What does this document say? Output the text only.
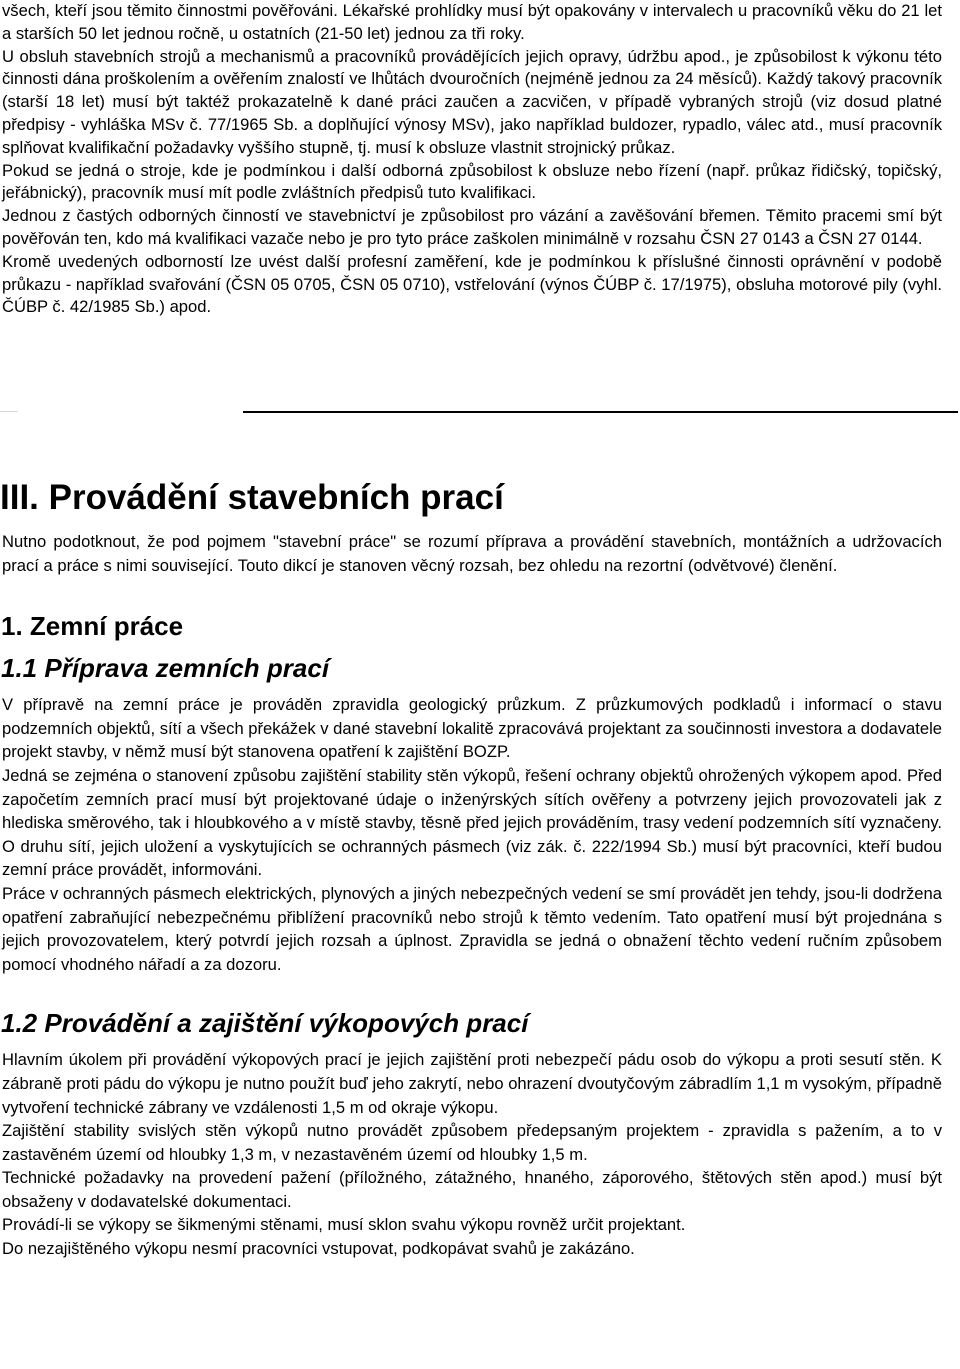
všech, kteří jsou těmito činnostmi pověřováni. Lékařské prohlídky musí být opakovány v intervalech u pracovníků věku do 21 let a starších 50 let jednou ročně, u ostatních (21-50 let) jednou za tři roky.

U obsluh stavebních strojů a mechanismů a pracovníků provádějících jejich opravy, údržbu apod., je způsobilost k výkonu této činnosti dána proškolením a ověřením znalostí ve lhůtách dvouročních (nejméně jednou za 24 měsíců). Každý takový pracovník (starší 18 let) musí být taktéž prokazatelně k dané práci zaučen a zacvičen, v případě vybraných strojů (viz dosud platné předpisy - vyhláška MSv č. 77/1965 Sb. a doplňující výnosy MSv), jako například buldozer, rypadlo, válec atd., musí pracovník splňovat kvalifikační požadavky vyššího stupně, tj. musí k obsluze vlastnit strojnický průkaz.

Pokud se jedná o stroje, kde je podmínkou i další odborná způsobilost k obsluze nebo řízení (např. průkaz řidičský, topičský, jeřábnický), pracovník musí mít podle zvláštních předpisů tuto kvalifikaci.

Jednou z častých odborných činností ve stavebnictví je způsobilost pro vázání a zavěšování břemen. Těmito pracemi smí být pověřován ten, kdo má kvalifikaci vazače nebo je pro tyto práce zaškolen minimálně v rozsahu ČSN 27 0143 a ČSN 27 0144.

Kromě uvedených odborností lze uvést další profesní zaměření, kde je podmínkou k příslušné činnosti oprávnění v podobě průkazu - například svařování (ČSN 05 0705, ČSN 05 0710), vstřelování (výnos ČÚBP č. 17/1975), obsluha motorové pily (vyhl. ČÚBP č. 42/1985 Sb.) apod.

III. Provádění stavebních prací

Nutno podotknout, že pod pojmem "stavební práce" se rozumí příprava a provádění stavebních, montážních a udržovacích prací a práce s nimi související. Touto dikcí je stanoven věcný rozsah, bez ohledu na rezortní (odvětvové) členění.

1. Zemní práce
1.1 Příprava zemních prací

V přípravě na zemní práce je prováděn zpravidla geologický průzkum. Z průzkumových podkladů i informací o stavu podzemních objektů, sítí a všech překážek v dané stavební lokalitě zpracovává projektant za součinnosti investora a dodavatele projekt stavby, v němž musí být stanovena opatření k zajištění BOZP.

Jedná se zejména o stanovení způsobu zajištění stability stěn výkopů, řešení ochrany objektů ohrožených výkopem apod. Před započetím zemních prací musí být projektované údaje o inženýrských sítích ověřeny a potvrzeny jejich provozovateli jak z hlediska směrového, tak i hloubkového a v místě stavby, těsně před jejich prováděním, trasy vedení podzemních sítí vyznačeny. O druhu sítí, jejich uložení a vyskytujících se ochranných pásmech (viz zák. č. 222/1994 Sb.) musí být pracovníci, kteří budou zemní práce provádět, informováni.

Práce v ochranných pásmech elektrických, plynových a jiných nebezpečných vedení se smí provádět jen tehdy, jsou-li dodržena opatření zabraňující nebezpečnému přiblížení pracovníků nebo strojů k těmto vedením. Tato opatření musí být projednána s jejich provozovatelem, který potvrdí jejich rozsah a úplnost. Zpravidla se jedná o obnažení těchto vedení ručním způsobem pomocí vhodného nářadí a za dozoru.

1.2 Provádění a zajištění výkopových prací

Hlavním úkolem při provádění výkopových prací je jejich zajištění proti nebezpečí pádu osob do výkopu a proti sesutí stěn. K zábraně proti pádu do výkopu je nutno použít buď jeho zakrytí, nebo ohrazení dvoutyčovým zábradlím 1,1 m vysokým, případně vytvoření technické zábrany ve vzdálenosti 1,5 m od okraje výkopu.

Zajištění stability svislých stěn výkopů nutno provádět způsobem předepsaným projektem - zpravidla s pažením, a to v zastavěném území od hloubky 1,3 m, v nezastavěném území od hloubky 1,5 m.

Technické požadavky na provedení pažení (příložného, zátažného, hnaného, záporového, štětových stěn apod.) musí být obsaženy v dodavatelské dokumentaci.

Provádí-li se výkopy se šikmenými stěnami, musí sklon svahu výkopu rovněž určit projektant.

Do nezajištěného výkopu nesmí pracovníci vstupovat, podkopávat svahů je zakázáno.
